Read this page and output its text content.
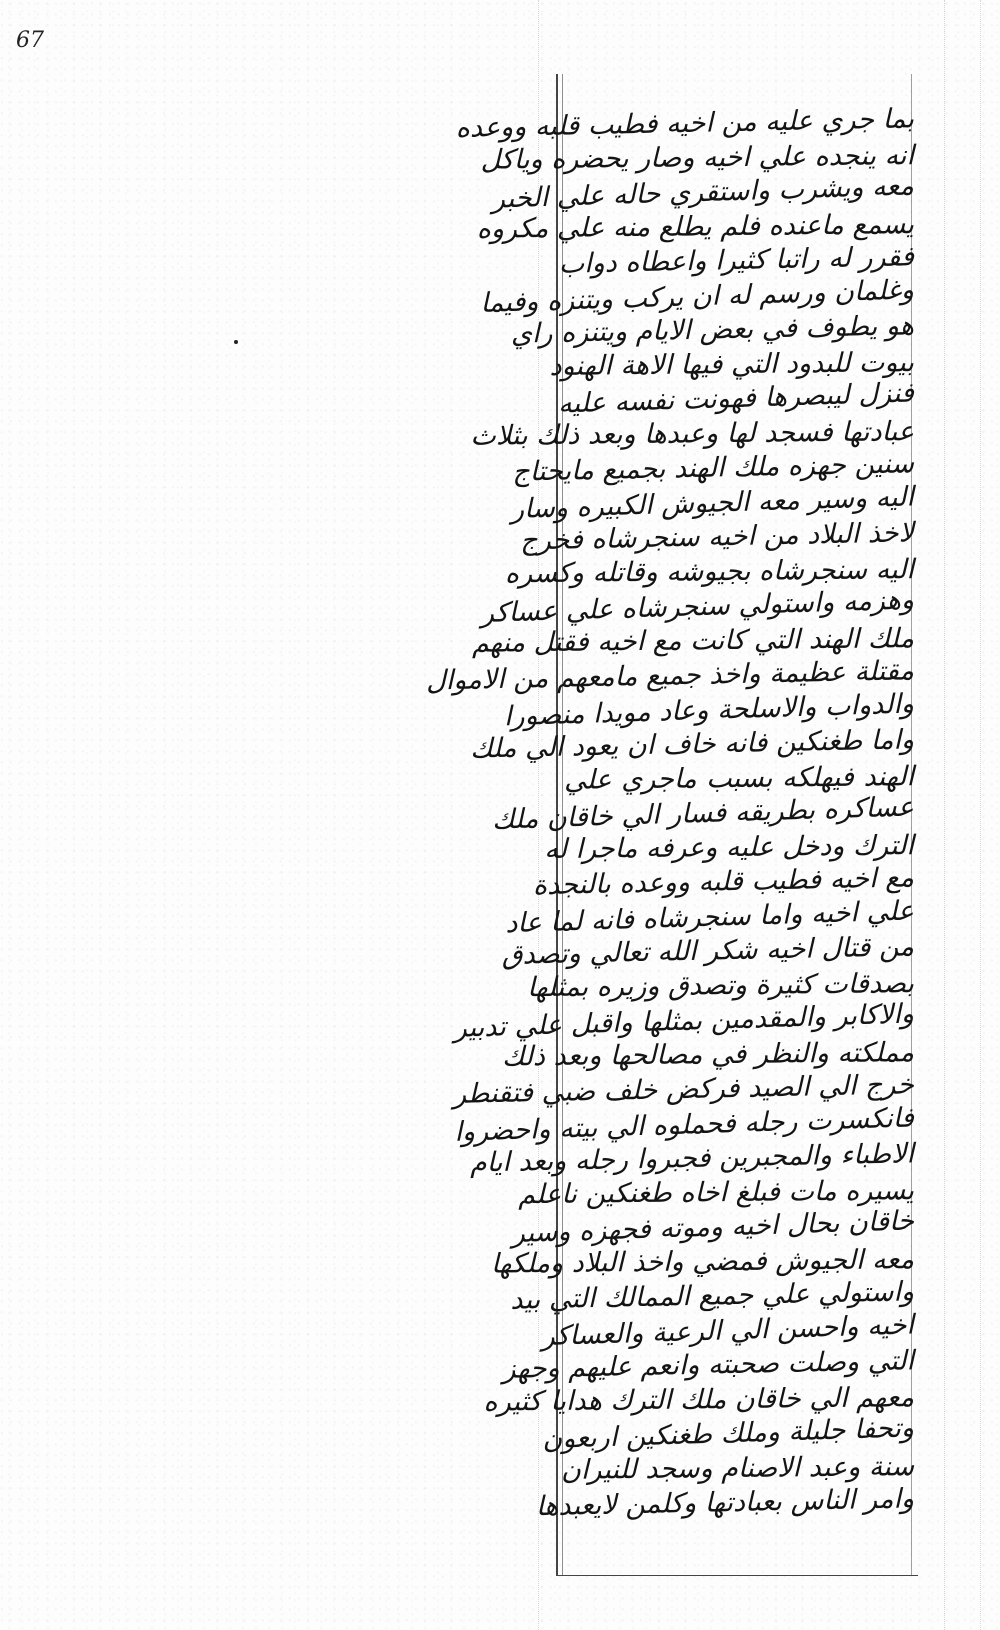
67
بما جري عليه من اخيه فطيب قلبه ووعده
انه ينجده علي اخيه وصار يحضره وياكل
معه ويشرب واستقري حاله علي الخبر
يسمع ماعنده فلم يطلع منه علي مكروه
فقرر له راتبا كثيرا واعطاه دواب
وغلمان ورسم له ان يركب ويتنزه وفيما
هو يطوف في بعض الايام ويتنزه راي
بيوت للبدود التي فيها الاهة الهنود
فنزل ليبصرها فهونت نفسه عليه
عبادتها فسجد لها وعبدها وبعد ذلك بثلاث
سنين جهزه ملك الهند بجميع مايحتاج
اليه وسير معه الجيوش الكبيره وسار
لاخذ البلاد من اخيه سنجرشاه فخرج
اليه سنجرشاه بجيوشه وقاتله وكسره
وهزمه واستولي سنجرشاه علي عساكر
ملك الهند التي كانت مع اخيه فقتل منهم
مقتلة عظيمة واخذ جميع مامعهم من الاموال
والدواب والاسلحة وعاد مويدا منصورا
واما طغنكين فانه خاف ان يعود الي ملك
الهند فيهلكه بسبب ماجري علي
عساكره بطريقه فسار الي خاقان ملك
الترك ودخل عليه وعرفه ماجرا له
مع اخيه فطيب قلبه ووعده بالنجدة
علي اخيه واما سنجرشاه فانه لما عاد
من قتال اخيه شكر الله تعالي وتصدق
بصدقات كثيرة وتصدق وزيره بمثلها
والاكابر والمقدمين بمثلها واقبل علي تدبير
مملكته والنظر في مصالحها وبعد ذلك
خرج الي الصيد فركض خلف ضبي فتقنطر
فانكسرت رجله فحملوه الي بيته واحضروا
الاطباء والمجبرين فجبروا رجله وبعد ايام
يسيره مات فبلغ اخاه طغنكين ناعلم
خاقان بحال اخيه وموته فجهزه وسير
معه الجيوش فمضي واخذ البلاد وملكها
واستولي علي جميع الممالك التي بيد
اخيه واحسن الي الرعية والعساكر
التي وصلت صحبته وانعم عليهم وجهز
معهم الي خاقان ملك الترك هدايا كثيره
وتحفا جليلة وملك طغنكين اربعون
سنة وعبد الاصنام وسجد للنيران
وامر الناس بعبادتها وكلمن لايعبدها
